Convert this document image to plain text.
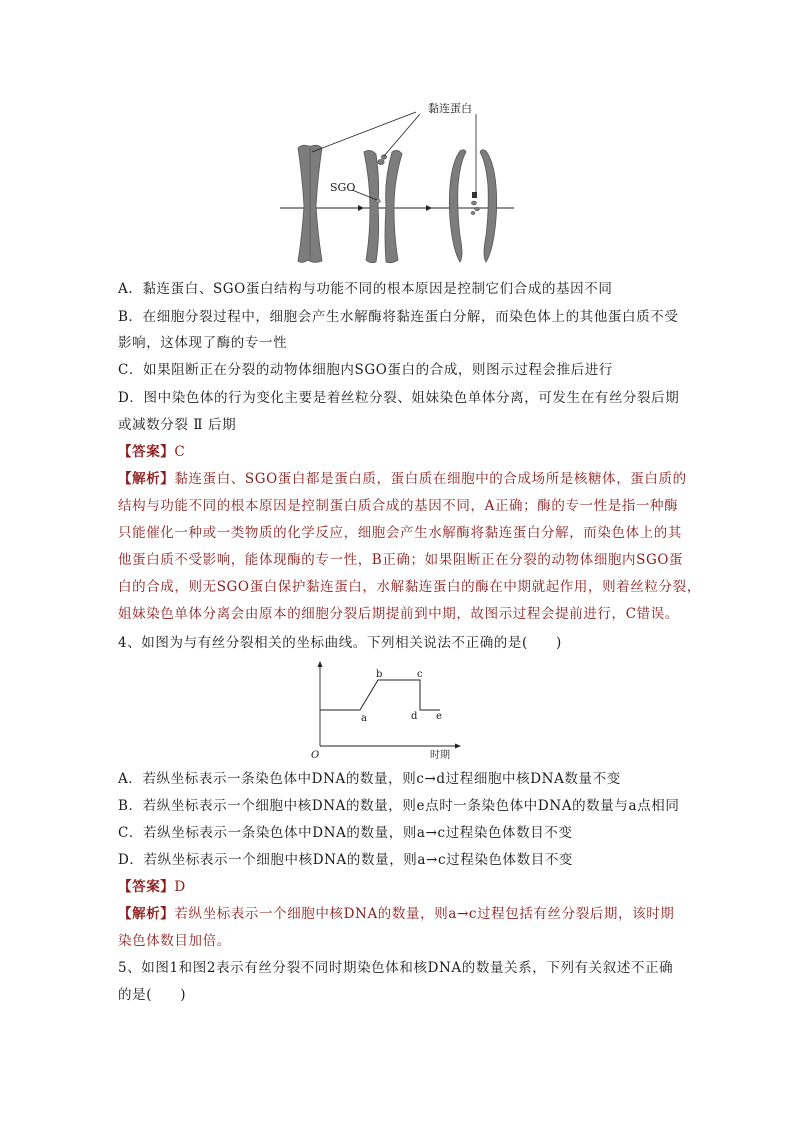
黏连蛋白
SGO
A．黏连蛋白、SGO蛋白结构与功能不同的根本原因是控制它们合成的基因不同
B．在细胞分裂过程中，细胞会产生水解酶将黏连蛋白分解，而染色体上的其他蛋白质不受
影响，这体现了酶的专一性
C．如果阻断正在分裂的动物体细胞内SGO蛋白的合成，则图示过程会推后进行
D．图中染色体的行为变化主要是着丝粒分裂、姐妹染色单体分离，可发生在有丝分裂后期
或减数分裂 Ⅱ 后期
【答案】C
【解析】黏连蛋白、SGO蛋白都是蛋白质，蛋白质在细胞中的合成场所是核糖体，蛋白质的
结构与功能不同的根本原因是控制蛋白质合成的基因不同，A正确；酶的专一性是指一种酶
只能催化一种或一类物质的化学反应，细胞会产生水解酶将黏连蛋白分解，而染色体上的其
他蛋白质不受影响，能体现酶的专一性，B正确；如果阻断正在分裂的动物体细胞内SGO蛋
白的合成，则无SGO蛋白保护黏连蛋白，水解黏连蛋白的酶在中期就起作用，则着丝粒分裂，
姐妹染色单体分离会由原本的细胞分裂后期提前到中期，故图示过程会提前进行，C错误。
4、如图为与有丝分裂相关的坐标曲线。下列相关说法不正确的是(　　)
O	时期
a
b	c
d e
A．若纵坐标表示一条染色体中DNA的数量，则c→d过程细胞中核DNA数量不变
B．若纵坐标表示一个细胞中核DNA的数量，则e点时一条染色体中DNA的数量与a点相同
C．若纵坐标表示一条染色体中DNA的数量，则a→c过程染色体数目不变
D．若纵坐标表示一个细胞中核DNA的数量，则a→c过程染色体数目不变
【答案】D
【解析】若纵坐标表示一个细胞中核DNA的数量，则a→c过程包括有丝分裂后期，该时期
染色体数目加倍。
5、如图1和图2表示有丝分裂不同时期染色体和核DNA的数量关系，下列有关叙述不正确
的是(　　)
